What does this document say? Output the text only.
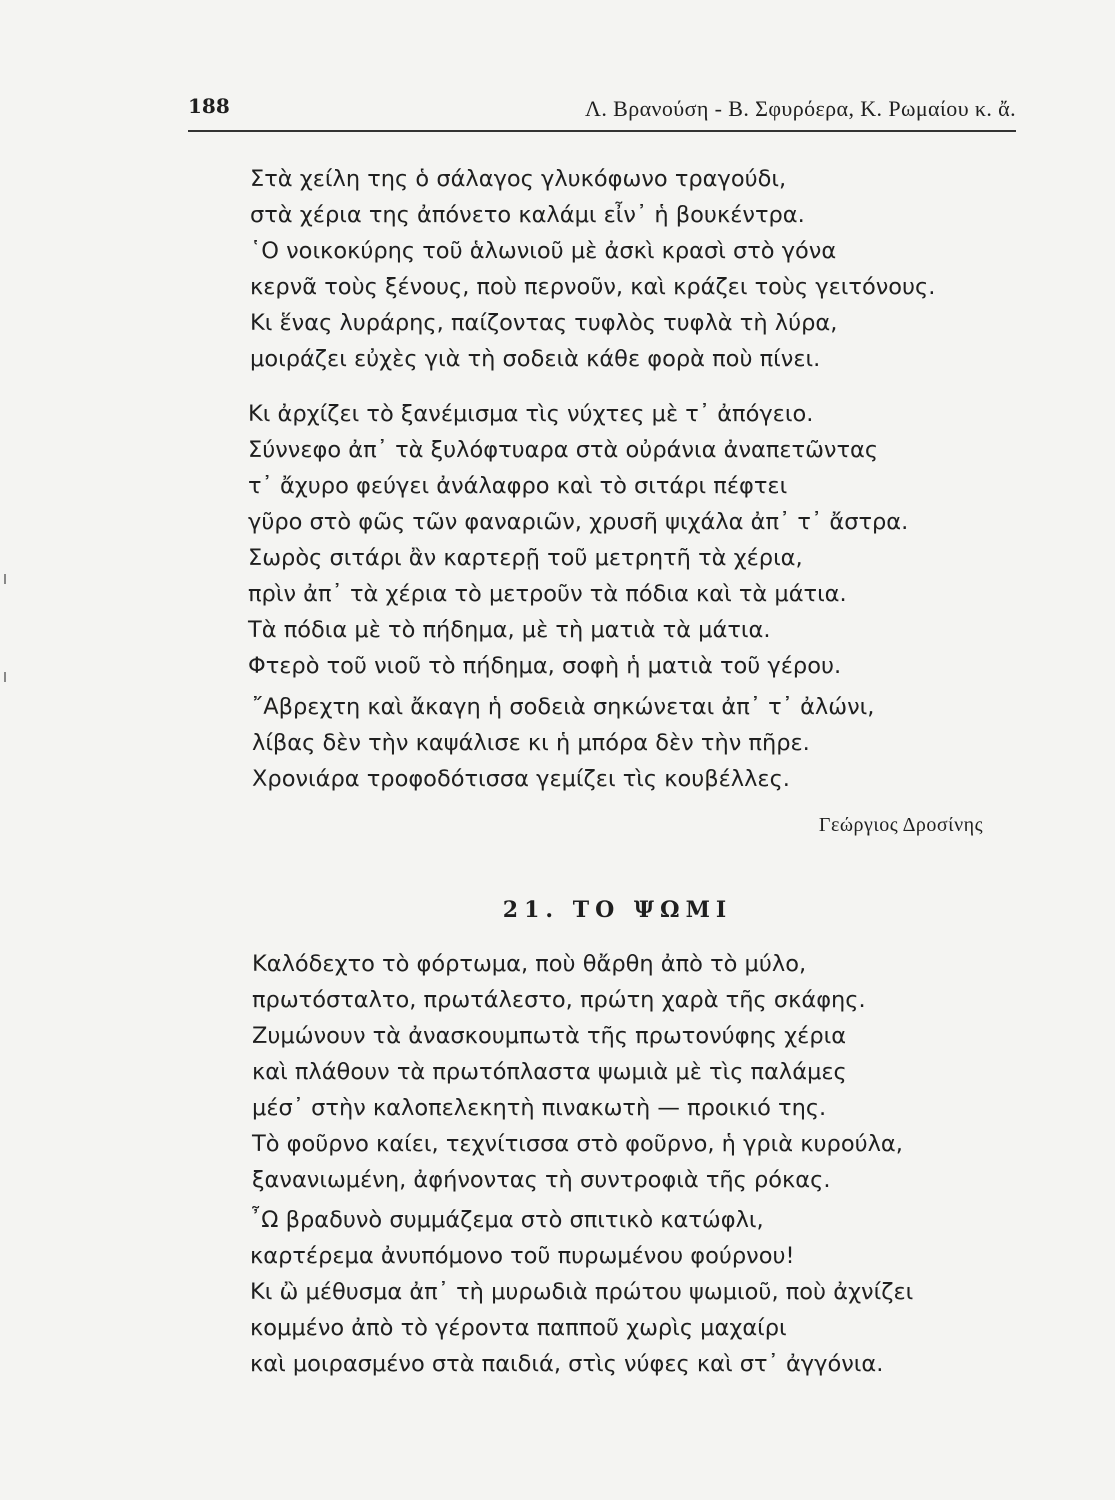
188	Λ. Βρανούση - Β. Σφυρόερα, Κ. Ρωμαίου κ. ἄ.
Στὰ χείλη της ὁ σάλαγος γλυκόφωνο τραγούδι,
στὰ χέρια της ἀπόνετο καλάμι εἶν᾽ ἡ βουκέντρα.
῾Ο νοικοκύρης τοῦ ἁλωνιοῦ μὲ ἀσκὶ κρασὶ στὸ γόνα
κερνᾶ τοὺς ξένους, ποὺ περνοῦν, καὶ κράζει τοὺς γειτόνους.
Κι ἕνας λυράρης, παίζοντας τυφλὸς τυφλὰ τὴ λύρα,
μοιράζει εὐχὲς γιὰ τὴ σοδειὰ κάθε φορὰ ποὺ πίνει.
Κι ἀρχίζει τὸ ξανέμισμα τὶς νύχτες μὲ τ᾽ ἀπόγειο.
Σύννεφο ἀπ᾽ τὰ ξυλόφτυαρα στὰ οὐράνια ἀναπετῶντας
τ᾽ ἄχυρο φεύγει ἀνάλαφρο καὶ τὸ σιτάρι πέφτει
γῦρο στὸ φῶς τῶν φαναριῶν, χρυσῆ ψιχάλα ἀπ᾽ τ᾽ ἄστρα.
Σωρὸς σιτάρι ἂν καρτερῇ τοῦ μετρητῆ τὰ χέρια,
πρὶν ἀπ᾽ τὰ χέρια τὸ μετροῦν τὰ πόδια καὶ τὰ μάτια.
Τὰ πόδια μὲ τὸ πήδημα, μὲ τὴ ματιὰ τὰ μάτια.
Φτερὸ τοῦ νιοῦ τὸ πήδημα, σοφὴ ἡ ματιὰ τοῦ γέρου.
῎Αβρεχτη καὶ ἄκαγη ἡ σοδειὰ σηκώνεται ἀπ᾽ τ᾽ ἀλώνι,
λίβας δὲν τὴν καψάλισε κι ἡ μπόρα δὲν τὴν πῆρε.
Χρονιάρα τροφοδότισσα γεμίζει τὶς κουβέλλες.
Γεώργιος Δροσίνης
21. ΤΟ ΨΩΜΙ
Καλόδεχτο τὸ φόρτωμα, ποὺ θἄρθη ἀπὸ τὸ μύλο,
πρωτόσταλτο, πρωτάλεστο, πρώτη χαρὰ τῆς σκάφης.
Ζυμώνουν τὰ ἀνασκουμπωτὰ τῆς πρωτονύφης χέρια
καὶ πλάθουν τὰ πρωτόπλαστα ψωμιὰ μὲ τὶς παλάμες
μέσ᾽ στὴν καλοπελεκητὴ πινακωτὴ — προικιό της.
Τὸ φοῦρνο καίει, τεχνίτισσα στὸ φοῦρνο, ἡ γριὰ κυρούλα,
ξανανιωμένη, ἀφήνοντας τὴ συντροφιὰ τῆς ρόκας.
῏Ω βραδυνὸ συμμάζεμα στὸ σπιτικὸ κατώφλι,
καρτέρεμα ἀνυπόμονο τοῦ πυρωμένου φούρνου!
Κι ὢ μέθυσμα ἀπ᾽ τὴ μυρωδιὰ πρώτου ψωμιοῦ, ποὺ ἀχνίζει
κομμένο ἀπὸ τὸ γέροντα παπποῦ χωρὶς μαχαίρι
καὶ μοιρασμένο στὰ παιδιά, στὶς νύφες καὶ στ᾽ ἀγγόνια.
